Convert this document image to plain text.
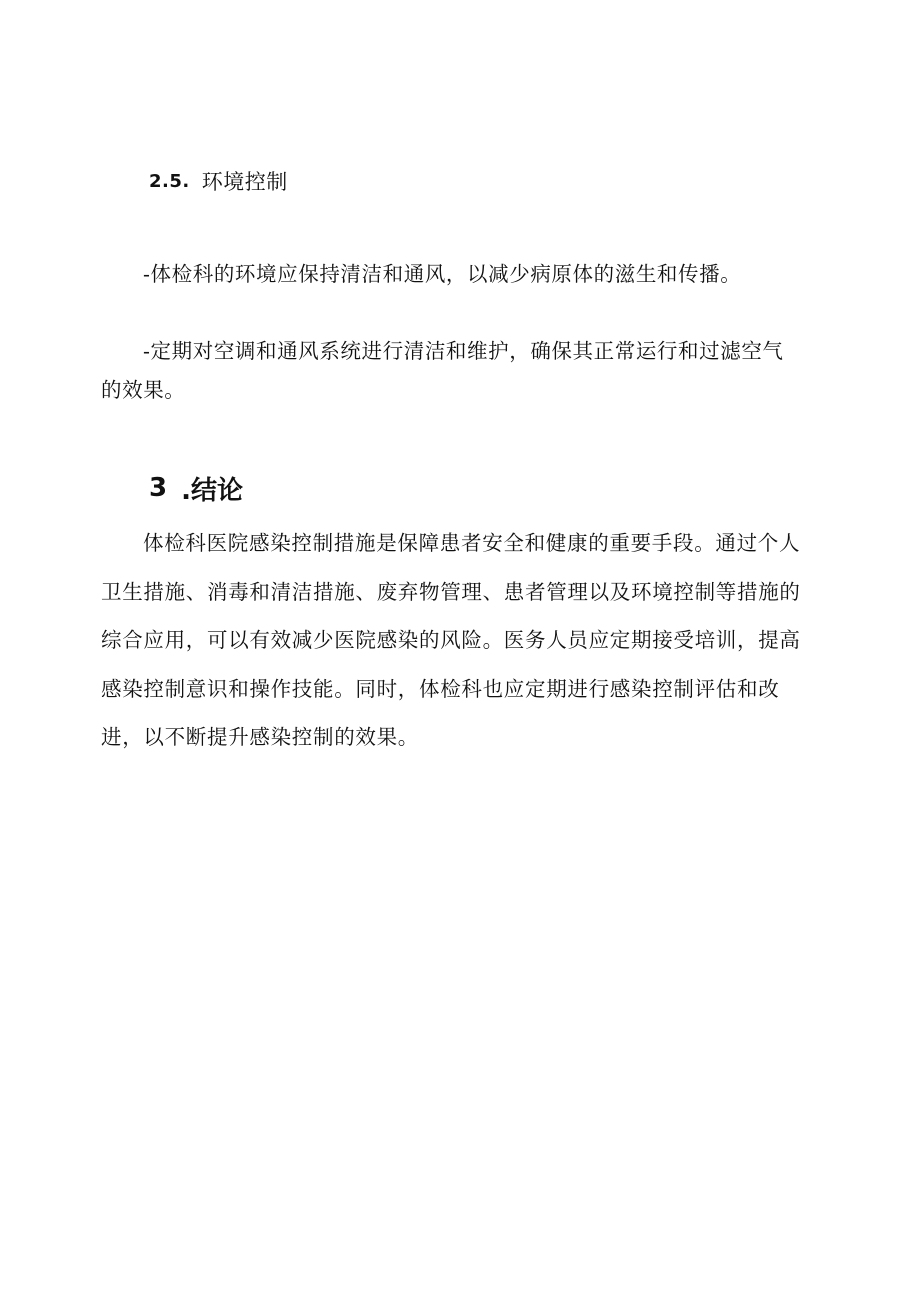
2.5. 环境控制

-体检科的环境应保持清洁和通风，以减少病原体的滋生和传播。

-定期对空调和通风系统进行清洁和维护，确保其正常运行和过滤空气的效果。

3 .结论

体检科医院感染控制措施是保障患者安全和健康的重要手段。通过个人卫生措施、消毒和清洁措施、废弃物管理、患者管理以及环境控制等措施的综合应用，可以有效减少医院感染的风险。医务人员应定期接受培训，提高感染控制意识和操作技能。同时，体检科也应定期进行感染控制评估和改进，以不断提升感染控制的效果。
